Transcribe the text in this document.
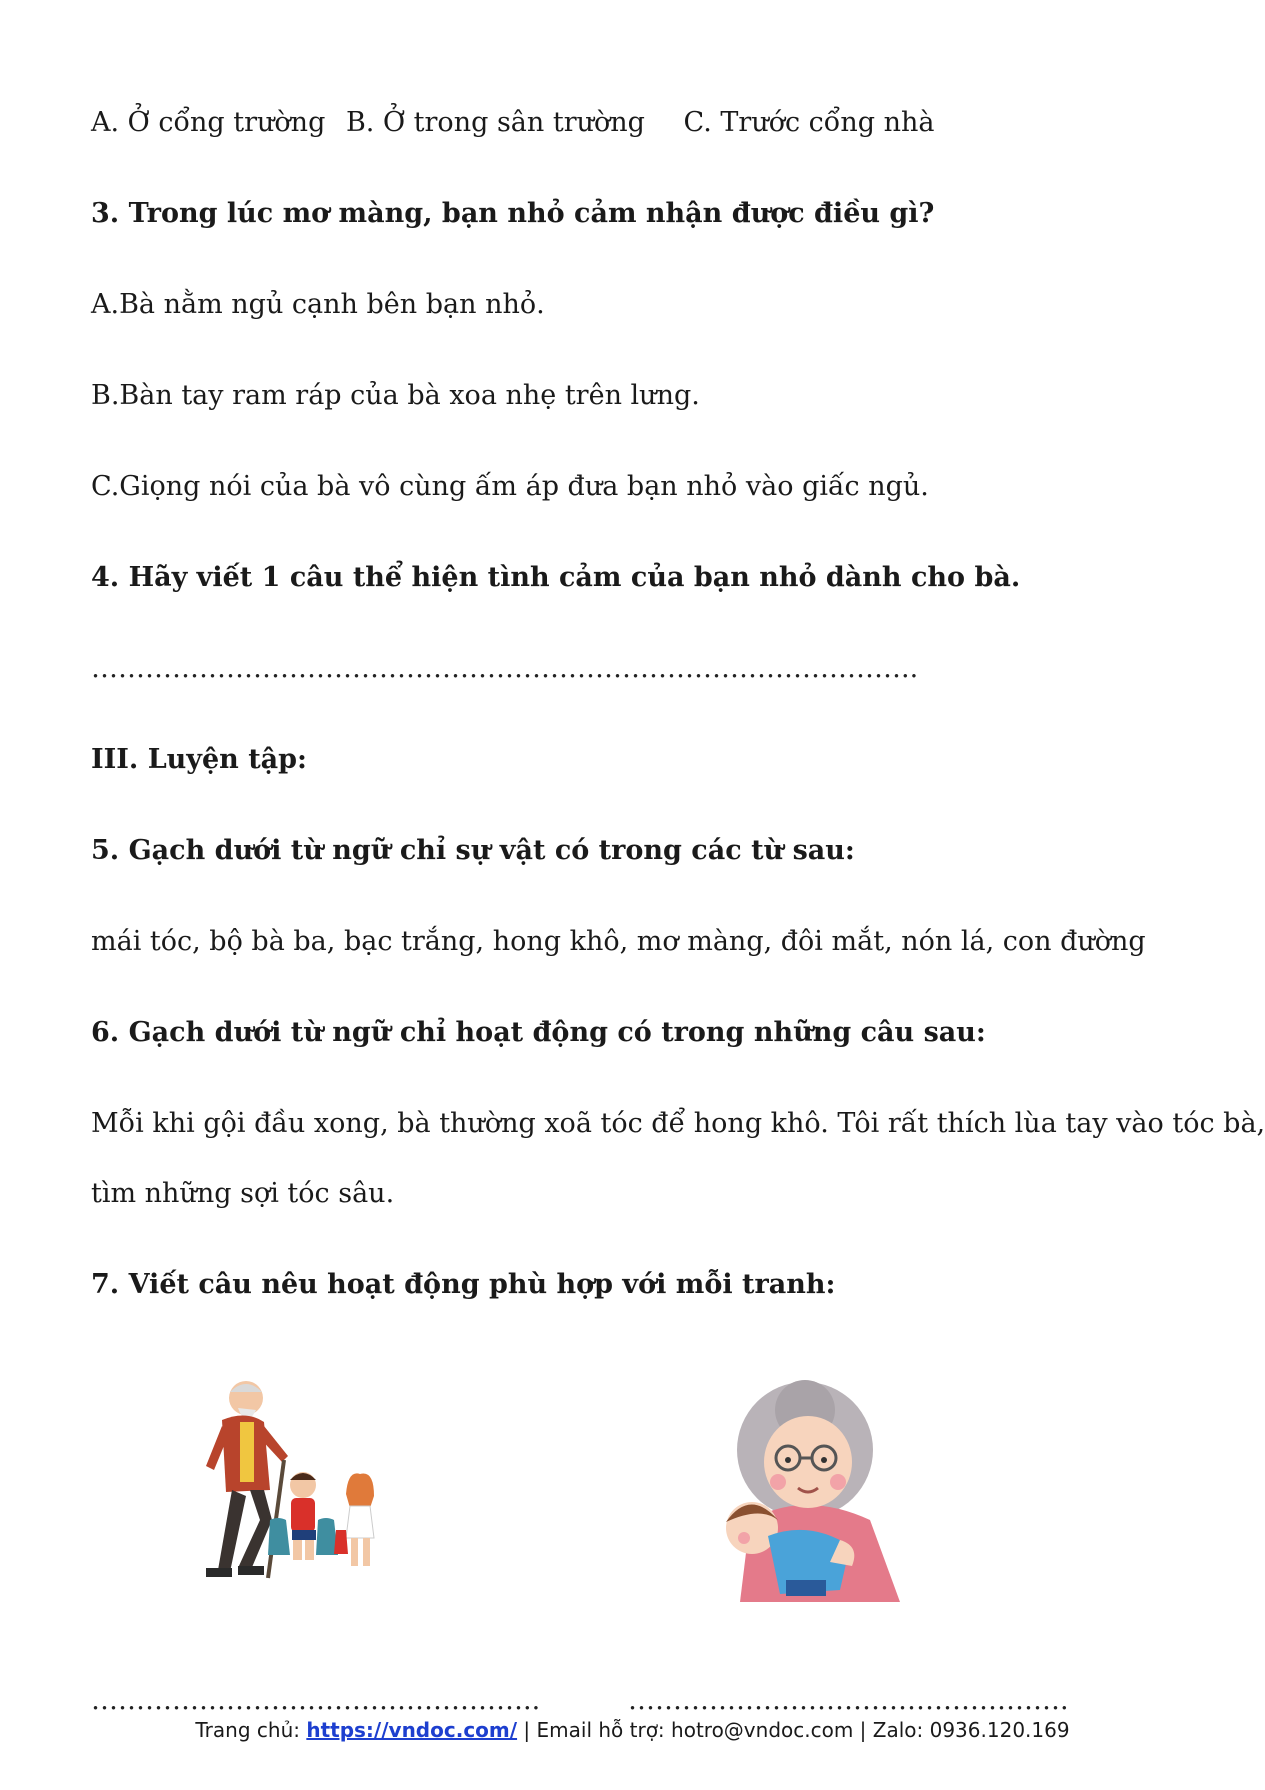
A. Ở cổng trường B. Ở trong sân trường C. Trước cổng nhà
3. Trong lúc mơ màng, bạn nhỏ cảm nhận được điều gì?
A.Bà nằm ngủ cạnh bên bạn nhỏ.
B.Bàn tay ram ráp của bà xoa nhẹ trên lưng.
C.Giọng nói của bà vô cùng ấm áp đưa bạn nhỏ vào giấc ngủ.
4. Hãy viết 1 câu thể hiện tình cảm của bạn nhỏ dành cho bà.
………………………………………………………………………………..
III. Luyện tập:
5. Gạch dưới từ ngữ chỉ sự vật có trong các từ sau:
mái tóc, bộ bà ba, bạc trắng, hong khô, mơ màng, đôi mắt, nón lá, con đường
6. Gạch dưới từ ngữ chỉ hoạt động có trong những câu sau:
Mỗi khi gội đầu xong, bà thường xoã tóc để hong khô. Tôi rất thích lùa tay vào tóc bà,
tìm những sợi tóc sâu.
7. Viết câu nêu hoạt động phù hợp với mỗi tranh:
…………………………………………..	………………………………………….
Trang chủ: https://vndoc.com/ | Email hỗ trợ: hotro@vndoc.com | Zalo: 0936.120.169
